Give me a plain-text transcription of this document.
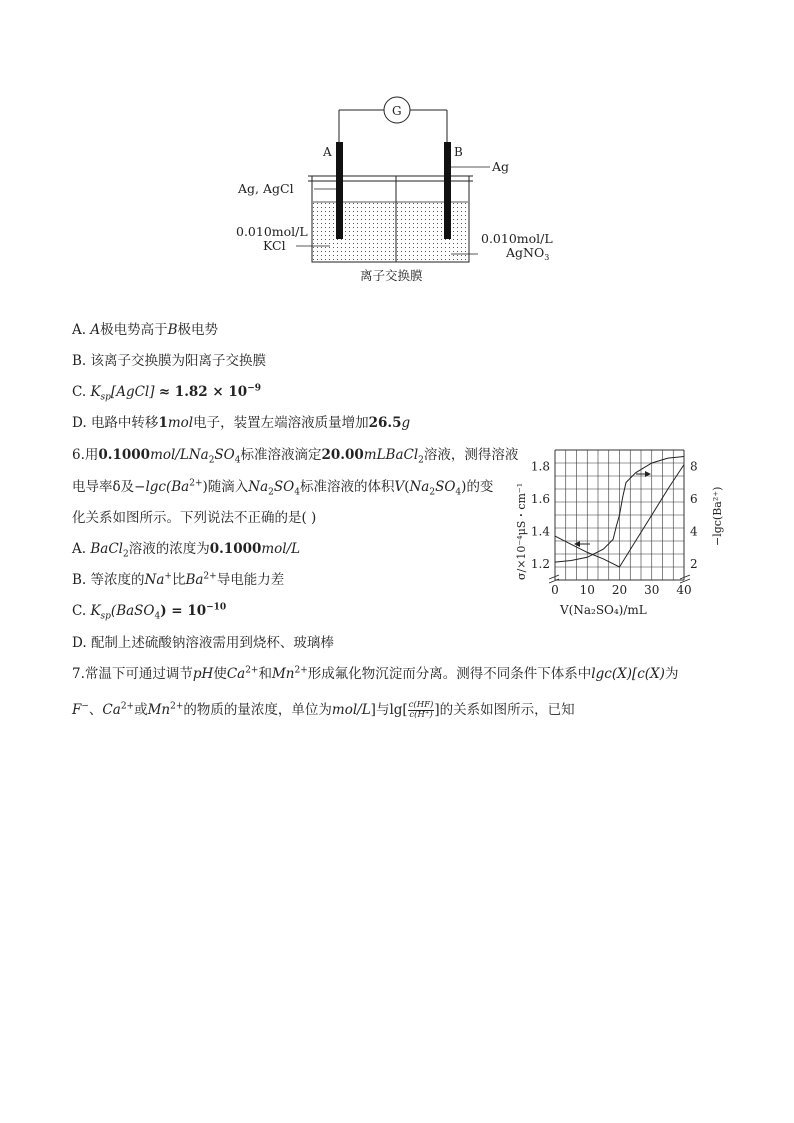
G
A	B
Ag
Ag, AgCl
0.010mol/L
KCl	0.010mol/L
AgNO$_3$
离子交换膜
A. A极电势高于B极电势
B. 该离子交换膜为阳离子交换膜
C. $K_{sp}[AgCl] \approx 1.82 \times 10^{-9}$
D. 电路中转移1mol电子，装置左端溶液质量增加26.5g
6.用$0.1000mol/LNa_2SO_4$标准溶液滴定20.00mLBaCl$_2$溶液，测得溶液
电导率δ及$-\lg c(Ba^{2+})$随滴入$Na_2SO_4$标准溶液的体积$V(Na_2SO_4)$的变
化关系如图所示。下列说法不正确的是( )
A. BaCl$_2$溶液的浓度为0.1000mol/L
B. 等浓度的Na+比$Ba^{2+}$导电能力差
C. $K_{sp}(BaSO_4) = 10^{-10}$
D. 配制上述硫酸钠溶液需用到烧杯、玻璃棒
0 10 20 30 40
1.2
1.4
1.6
1.8
2
4
6
8
V(Na₂SO₄)/mL
σ/×10⁻⁴μS・cm⁻¹	−lgc(Ba²⁺)
7.常温下可通过调节pH使$Ca^{2+}$和$Mn^{2+}$形成氟化物沉淀而分离。测得不同条件下体系中lgc(X)[c(X)为
F−、$Ca^{2+}$或$Mn^{2+}$的物质的量浓度，单位为mol/L]与$\lg[ \frac{c(HF)}{c(H^+)}$ ]的关系如图所示，已知
